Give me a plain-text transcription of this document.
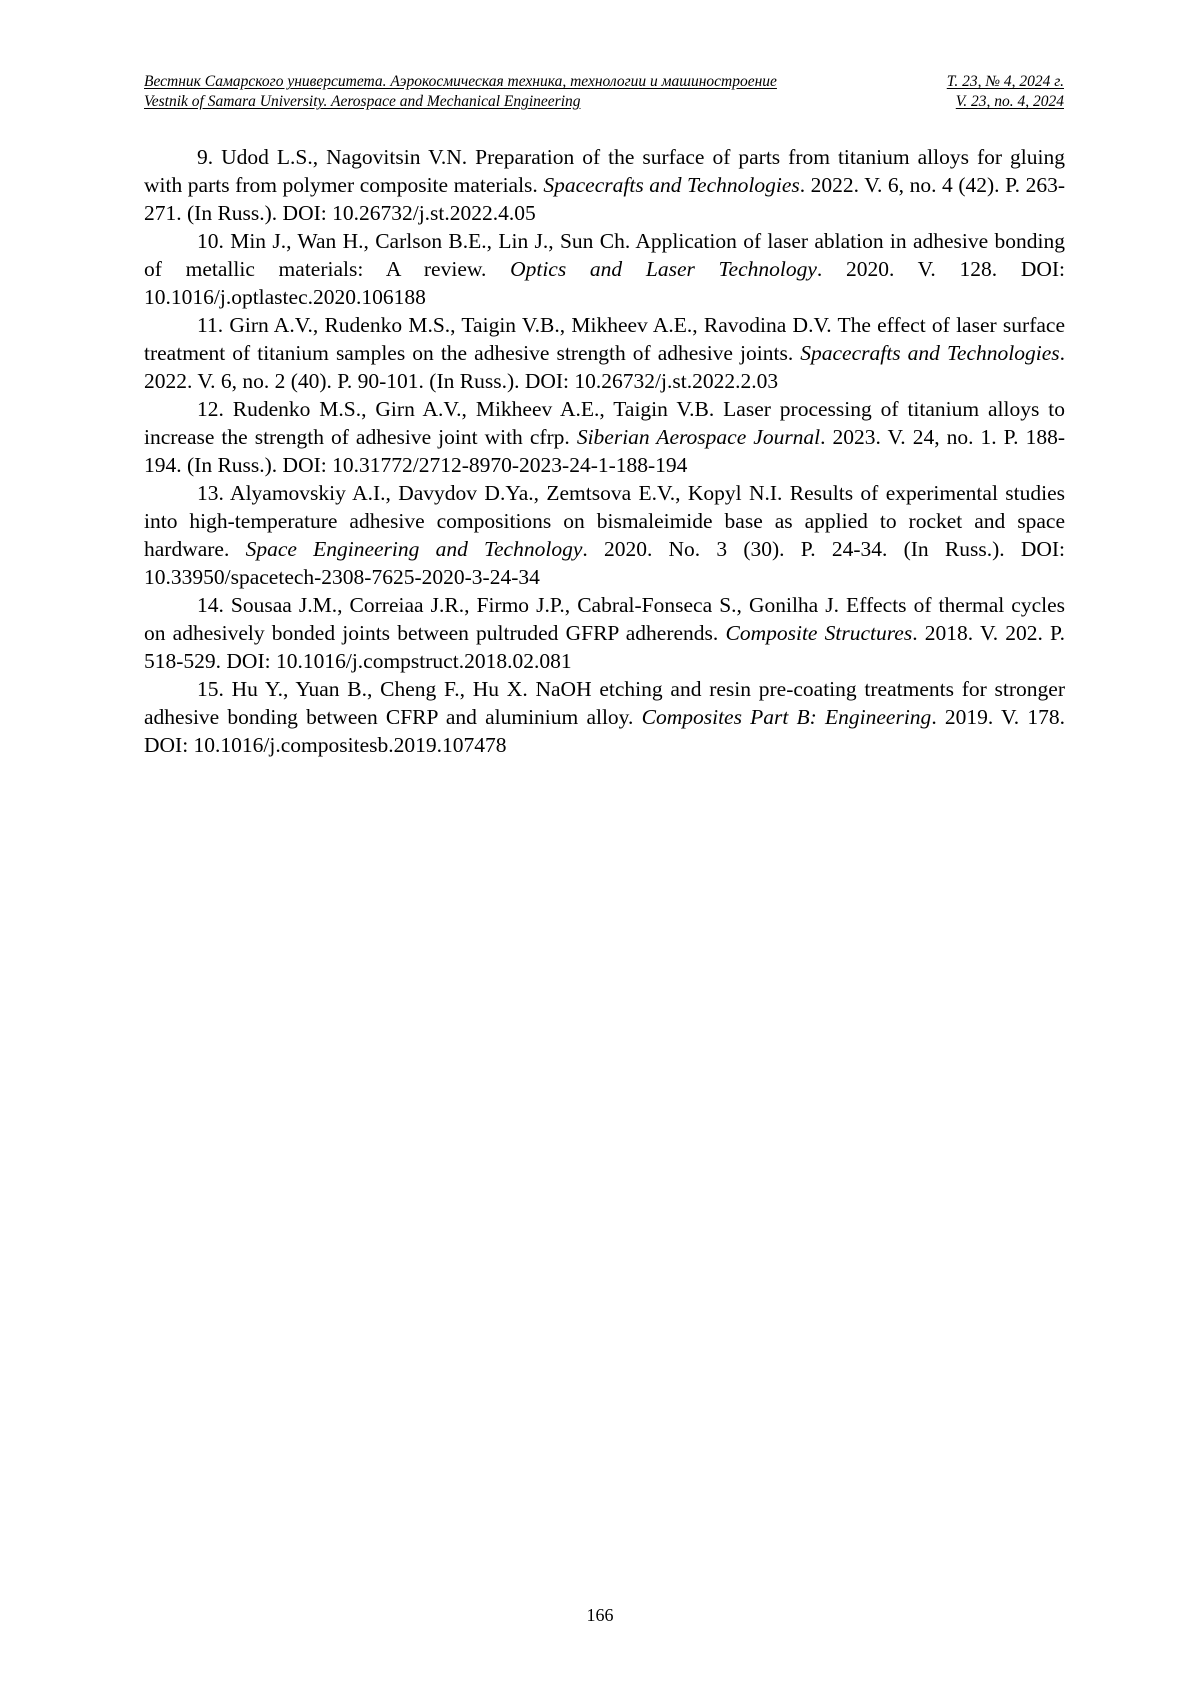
Вестник Самарского университета. Аэрокосмическая техника, технологии и машиностроение	Т. 23, № 4, 2024 г.
Vestnik of Samara University. Aerospace and Mechanical Engineering	V. 23, no. 4, 2024

9. Udod L.S., Nagovitsin V.N. Preparation of the surface of parts from titanium alloys for gluing with parts from polymer composite materials. Spacecrafts and Technologies. 2022. V. 6, no. 4 (42). P. 263-271. (In Russ.). DOI: 10.26732/j.st.2022.4.05

10. Min J., Wan H., Carlson B.E., Lin J., Sun Ch. Application of laser ablation in adhesive bonding of metallic materials: A review. Optics and Laser Technology. 2020. V. 128. DOI: 10.1016/j.optlastec.2020.106188

11. Girn A.V., Rudenko M.S., Taigin V.B., Mikheev A.E., Ravodina D.V. The effect of laser surface treatment of titanium samples on the adhesive strength of adhesive joints. Spacecrafts and Technologies. 2022. V. 6, no. 2 (40). P. 90-101. (In Russ.). DOI: 10.26732/j.st.2022.2.03

12. Rudenko M.S., Girn A.V., Mikheev A.E., Taigin V.B. Laser processing of titanium alloys to increase the strength of adhesive joint with cfrp. Siberian Aerospace Journal. 2023. V. 24, no. 1. P. 188-194. (In Russ.). DOI: 10.31772/2712-8970-2023-24-1-188-194

13. Alyamovskiy A.I., Davydov D.Ya., Zemtsova E.V., Kopyl N.I. Results of experimental studies into high-temperature adhesive compositions on bismaleimide base as applied to rocket and space hardware. Space Engineering and Technology. 2020. No. 3 (30). P. 24-34. (In Russ.). DOI: 10.33950/spacetech-2308-7625-2020-3-24-34

14. Sousaa J.M., Correiaa J.R., Firmo J.P., Cabral-Fonseca S., Gonilha J. Effects of thermal cycles on adhesively bonded joints between pultruded GFRP adherends. Composite Structures. 2018. V. 202. P. 518-529. DOI: 10.1016/j.compstruct.2018.02.081

15. Hu Y., Yuan B., Cheng F., Hu X. NaOH etching and resin pre-coating treatments for stronger adhesive bonding between CFRP and aluminium alloy. Composites Part B: Engineering. 2019. V. 178. DOI: 10.1016/j.compositesb.2019.107478

166
